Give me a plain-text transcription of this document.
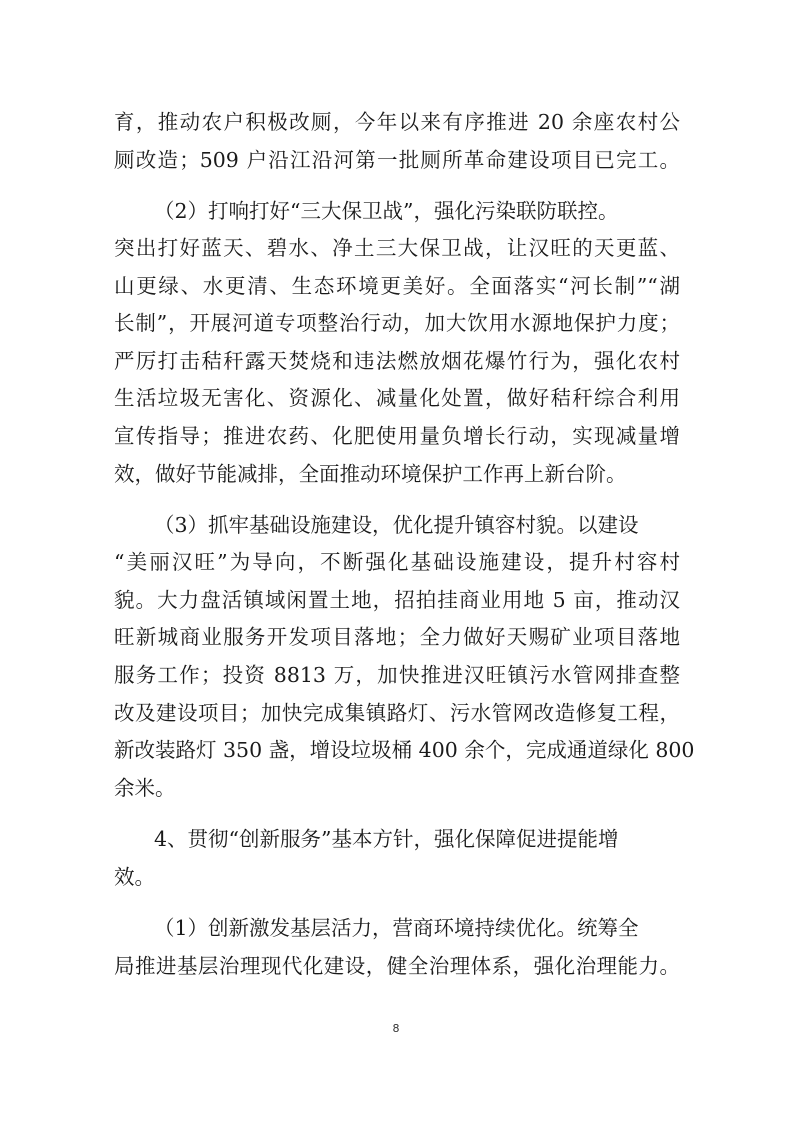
育，推动农户积极改厕，今年以来有序推进 20 余座农村公
厕改造；509 户沿江沿河第一批厕所革命建设项目已完工。
（2）打响打好“三大保卫战”，强化污染联防联控。
突出打好蓝天、碧水、净土三大保卫战，让汉旺的天更蓝、
山更绿、水更清、生态环境更美好。全面落实“河长制”“湖
长制”，开展河道专项整治行动，加大饮用水源地保护力度；
严厉打击秸秆露天焚烧和违法燃放烟花爆竹行为，强化农村
生活垃圾无害化、资源化、减量化处置，做好秸秆综合利用
宣传指导；推进农药、化肥使用量负增长行动，实现减量增
效，做好节能减排，全面推动环境保护工作再上新台阶。
（3）抓牢基础设施建设，优化提升镇容村貌。以建设
“美丽汉旺”为导向，不断强化基础设施建设，提升村容村
貌。大力盘活镇域闲置土地，招拍挂商业用地 5 亩，推动汉
旺新城商业服务开发项目落地；全力做好天赐矿业项目落地
服务工作；投资 8813 万，加快推进汉旺镇污水管网排查整
改及建设项目；加快完成集镇路灯、污水管网改造修复工程，
新改装路灯 350 盏，增设垃圾桶 400 余个，完成通道绿化 800
余米。
4、贯彻“创新服务”基本方针，强化保障促进提能增
效。
（1）创新激发基层活力，营商环境持续优化。统筹全
局推进基层治理现代化建设，健全治理体系，强化治理能力。
8
